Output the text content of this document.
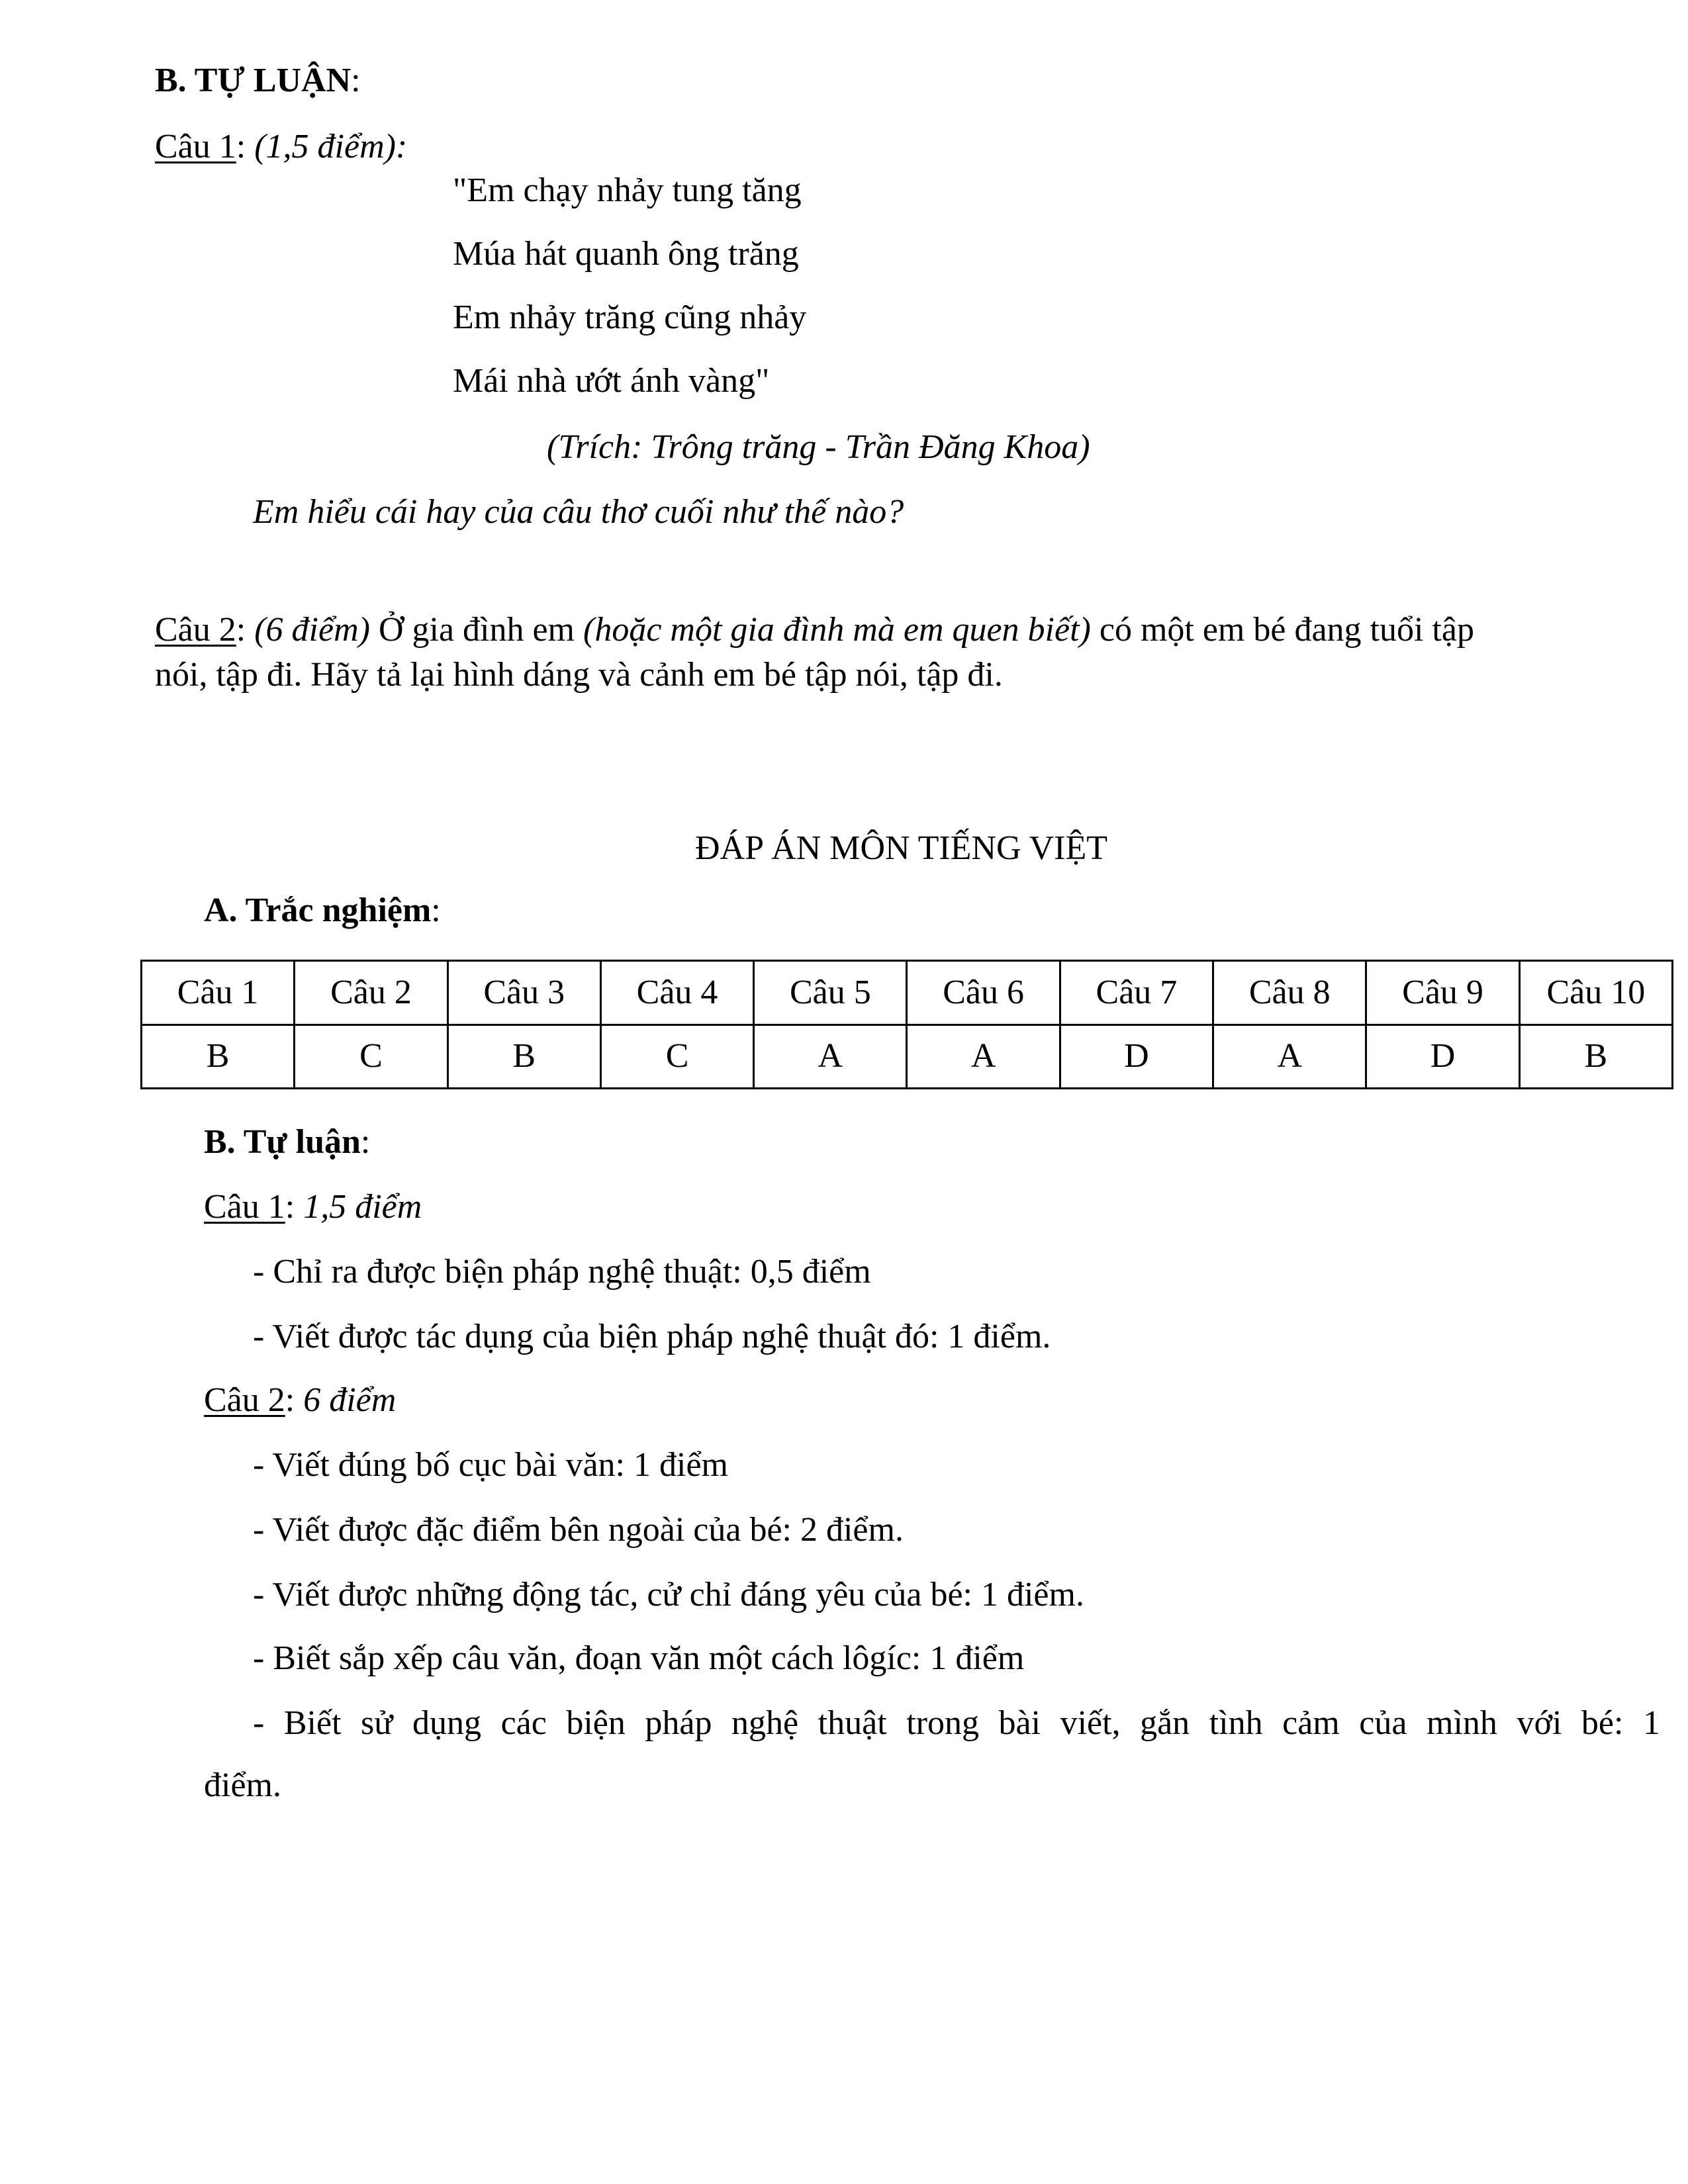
B. TỰ LUẬN:
Câu 1: (1,5 điểm):
"Em chạy nhảy tung tăng
Múa hát quanh ông trăng
Em nhảy trăng cũng nhảy
Mái nhà ướt ánh vàng"
(Trích: Trông trăng - Trần Đăng Khoa)
Em hiểu cái hay của câu thơ cuối như thế nào?
Câu 2: (6 điểm) Ở gia đình em (hoặc một gia đình mà em quen biết) có một em bé đang tuổi tập
nói, tập đi. Hãy tả lại hình dáng và cảnh em bé tập nói, tập đi.
ĐÁP ÁN MÔN TIẾNG VIỆT
A. Trắc nghiệm:
Câu 1	Câu 2	Câu 3	Câu 4	Câu 5	Câu 6	Câu 7	Câu 8	Câu 9	Câu 10
B	C	B	C	A	A	D	A	D	B
B. Tự luận:
Câu 1: 1,5 điểm
- Chỉ ra được biện pháp nghệ thuật: 0,5 điểm
- Viết được tác dụng của biện pháp nghệ thuật đó: 1 điểm.
Câu 2: 6 điểm
- Viết đúng bố cục bài văn: 1 điểm
- Viết được đặc điểm bên ngoài của bé: 2 điểm.
- Viết được những động tác, cử chỉ đáng yêu của bé: 1 điểm.
- Biết sắp xếp câu văn, đoạn văn một cách lôgíc: 1 điểm
- Biết sử dụng các biện pháp nghệ thuật trong bài viết, gắn tình cảm của mình với bé: 1
điểm.
